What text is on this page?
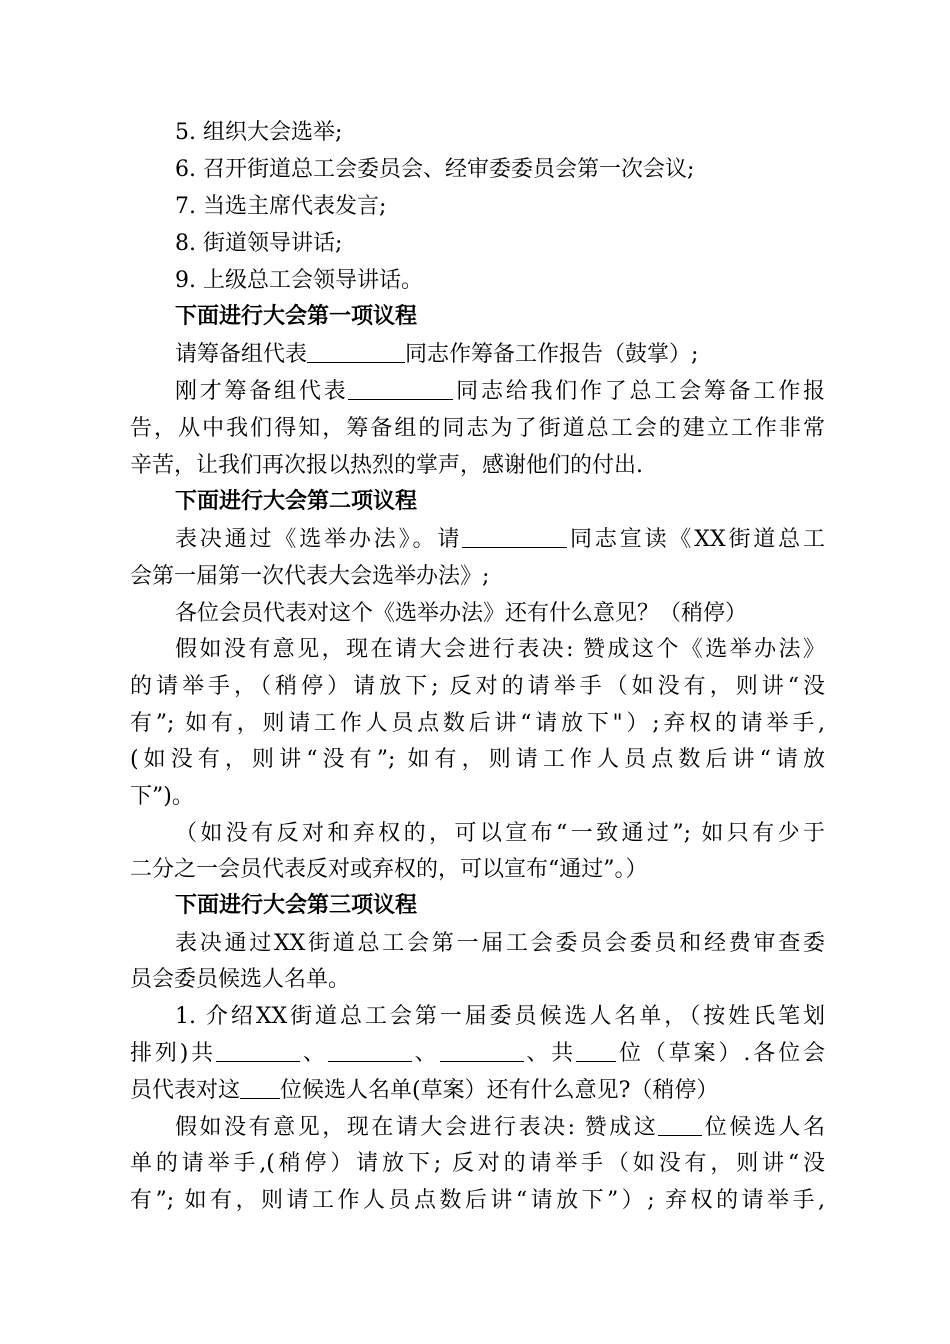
5. 组织大会选举;
6. 召开街道总工会委员会、经审委委员会第一次会议;
7. 当选主席代表发言;
8. 街道领导讲话;
9. 上级总工会领导讲话。
下面进行大会第一项议程
请筹备组代表	同志作筹备工作报告（鼓掌）;
刚才筹备组代表	同志给我们作了总工会筹备工作报
告，从中我们得知，筹备组的同志为了街道总工会的建立工作非常
辛苦，让我们再次报以热烈的掌声，感谢他们的付出.
下面进行大会第二项议程
表决通过《选举办法》。请	同志宣读《XX街道总工
会第一届第一次代表大会选举办法》;
各位会员代表对这个《选举办法》还有什么意见？（稍停）
假如没有意见，现在请大会进行表决: 赞成这个《选举办法》
的请举手，（稍停）请放下; 反对的请举手（如没有，则讲“没
有”; 如有，则请工作人员点数后讲“请放下"）;弃权的请举手,
(如没有，则讲“没有”; 如有，则请工作人员点数后讲“请放
下”)。
（如没有反对和弃权的，可以宣布“一致通过”; 如只有少于
二分之一会员代表反对或弃权的，可以宣布“通过”。）
下面进行大会第三项议程
表决通过XX街道总工会第一届工会委员会委员和经费审查委
员会委员候选人名单。
1. 介绍XX街道总工会第一届委员候选人名单，（按姓氏笔划
排列)共	、	、	、共 位（草案）.各位会
员代表对这 位候选人名单(草案）还有什么意见?（稍停）
假如没有意见，现在请大会进行表决: 赞成这 位候选人名
单的请举手,(稍停）请放下; 反对的请举手（如没有，则讲“没
有”; 如有，则请工作人员点数后讲“请放下”）; 弃权的请举手,
